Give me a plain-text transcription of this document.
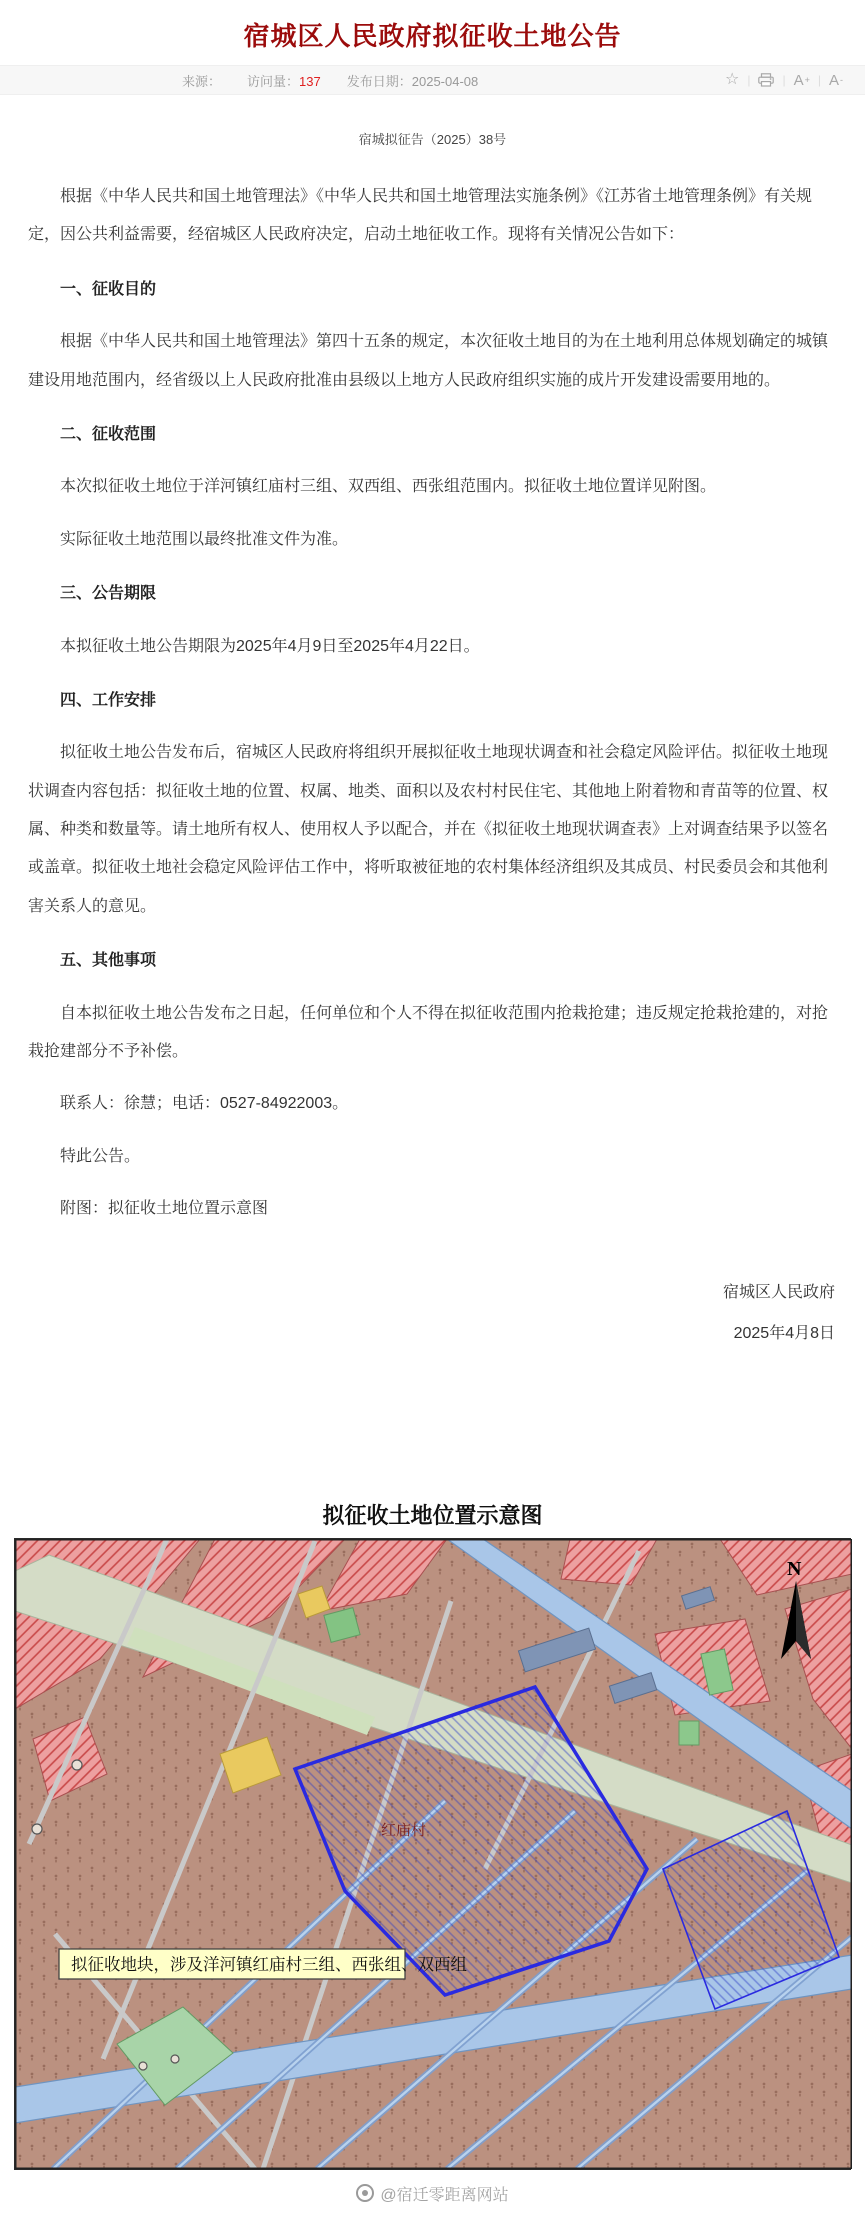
宿城区人民政府拟征收土地公告
来源： 访问量：137 发布日期：2025-04-08	☆ |	| A + | A -
宿城拟征告（2025）38号

根据《中华人民共和国土地管理法》《中华人民共和国土地管理法实施条例》《江苏省土地管理条例》有关规定，因公共利益需要，经宿城区人民政府决定，启动土地征收工作。现将有关情况公告如下：

一、征收目的

根据《中华人民共和国土地管理法》第四十五条的规定，本次征收土地目的为在土地利用总体规划确定的城镇建设用地范围内，经省级以上人民政府批准由县级以上地方人民政府组织实施的成片开发建设需要用地的。

二、征收范围

本次拟征收土地位于洋河镇红庙村三组、双西组、西张组范围内。拟征收土地位置详见附图。

实际征收土地范围以最终批准文件为准。

三、公告期限

本拟征收土地公告期限为2025年4月9日至2025年4月22日。

四、工作安排

拟征收土地公告发布后，宿城区人民政府将组织开展拟征收土地现状调查和社会稳定风险评估。拟征收土地现状调查内容包括：拟征收土地的位置、权属、地类、面积以及农村村民住宅、其他地上附着物和青苗等的位置、权属、种类和数量等。请土地所有权人、使用权人予以配合，并在《拟征收土地现状调查表》上对调查结果予以签名或盖章。拟征收土地社会稳定风险评估工作中，将听取被征地的农村集体经济组织及其成员、村民委员会和其他利害关系人的意见。

五、其他事项

自本拟征收土地公告发布之日起，任何单位和个人不得在拟征收范围内抢栽抢建；违反规定抢栽抢建的，对抢栽抢建部分不予补偿。

联系人：徐慧；电话：0527-84922003。

特此公告。

附图：拟征收土地位置示意图

宿城区人民政府
2025年4月8日
拟征收土地位置示意图
红庙村
拟征收地块，涉及洋河镇红庙村三组、西张组、双西组
N
@宿迁零距离网站
